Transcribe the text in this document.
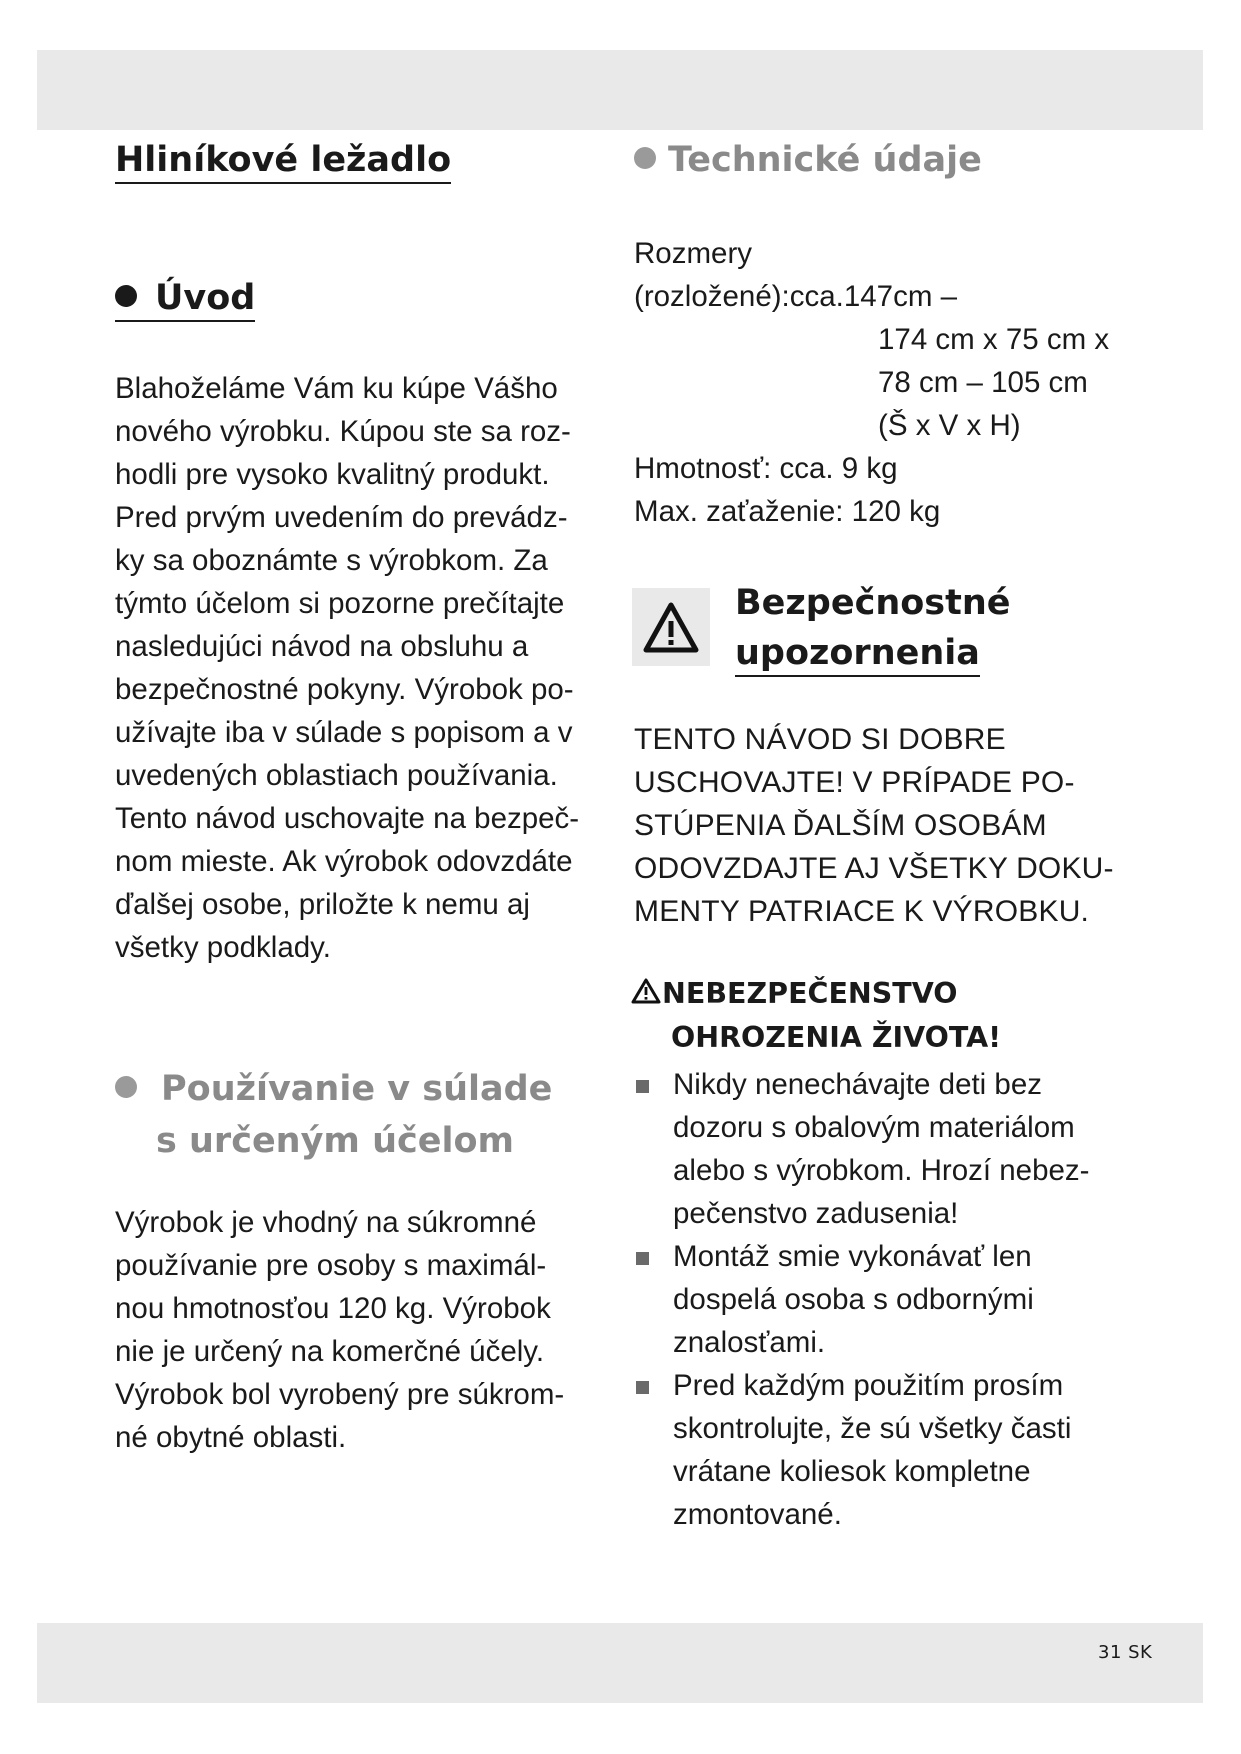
Hliníkové ležadlo
Úvod
Blahoželáme Vám ku kúpe Vášho
nového výrobku. Kúpou ste sa roz-
hodli pre vysoko kvalitný produkt.
Pred prvým uvedením do prevádz-
ky sa oboznámte s výrobkom. Za
týmto účelom si pozorne prečítajte
nasledujúci návod na obsluhu a
bezpečnostné pokyny. Výrobok po-
užívajte iba v súlade s popisom a v
uvedených oblastiach používania.
Tento návod uschovajte na bezpeč-
nom mieste. Ak výrobok odovzdáte
ďalšej osobe, priložte k nemu aj
všetky podklady.
Používanie v súlade
s určeným účelom
Výrobok je vhodný na súkromné
používanie pre osoby s maximál-
nou hmotnosťou 120 kg. Výrobok
nie je určený na komerčné účely.
Výrobok bol vyrobený pre súkrom-
né obytné oblasti.
Technické údaje
Rozmery
(rozložené):cca.147cm –
174 cm x 75 cm x
78 cm – 105 cm
(Š x V x H)
Hmotnosť: cca. 9 kg
Max. zaťaženie: 120 kg
Bezpečnostné
upozornenia
TENTO NÁVOD SI DOBRE
USCHOVAJTE! V PRÍPADE PO-
STÚPENIA ĎALŠÍM OSOBÁM
ODOVZDAJTE AJ VŠETKY DOKU-
MENTY PATRIACE K VÝROBKU.
NEBEZPEČENSTVO
OHROZENIA ŽIVOTA!
Nikdy nenechávajte deti bez
dozoru s obalovým materiálom
alebo s výrobkom. Hrozí nebez-
pečenstvo zadusenia!
Montáž smie vykonávať len
dospelá osoba s odbornými
znalosťami.
Pred každým použitím prosím
skontrolujte, že sú všetky časti
vrátane koliesok kompletne
zmontované.
31 SK
